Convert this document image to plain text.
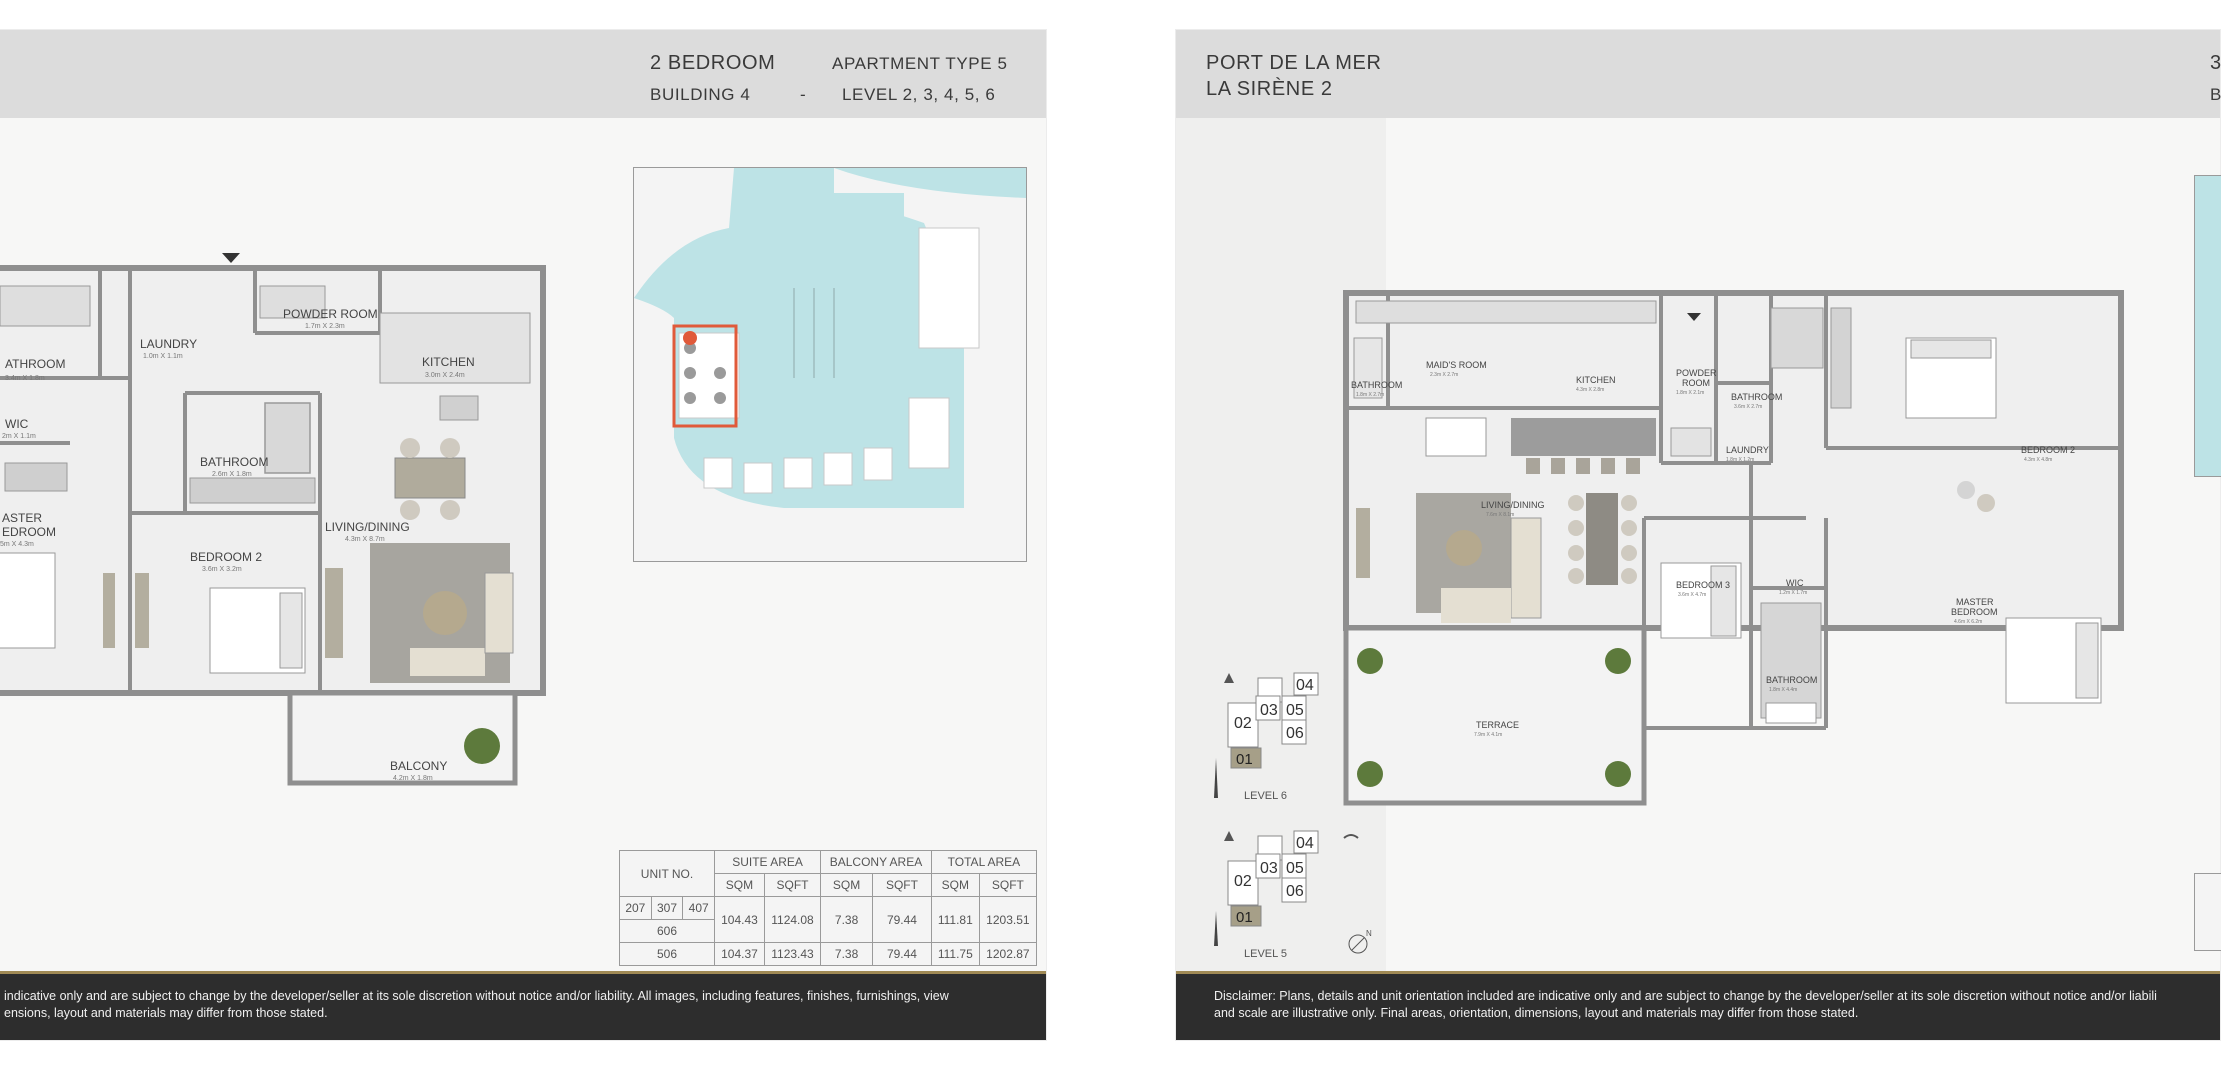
2 BEDROOM	APARTMENT TYPE 5
BUILDING 4	- LEVEL 2, 3, 4, 5, 6
ATHROOM
3.4m X 1.8m
LAUNDRY
1.0m X 1.1m
POWDER ROOM
1.7m X 2.3m
KITCHEN
3.0m X 2.4m
WIC
2m X 1.1m
BATHROOM
2.6m X 1.8m
ASTER
EDROOM
5m X 4.3m
BEDROOM 2
3.6m X 3.2m
LIVING/DINING
4.3m X 8.7m
BALCONY
4.2m X 1.8m
UNIT NO.			SUITE AREA		BALCONY AREA		TOTAL AREA	
			SQM	SQFT	SQM	SQFT	SQM	SQFT
207	307	407	104.43	1124.08	7.38	79.44	111.81	1203.51
606								
506			104.37	1123.43	7.38	79.44	111.75	1202.87
indicative only and are subject to change by the developer/seller at its sole discretion without notice and/or liability. All images, including features, finishes, furnishings, view
ensions, layout and materials may differ from those stated.
PORT DE LA MER
LA SIRÈNE 2
3
B
02
01
03
04
05
06
LEVEL 6
02
01
03
04
05
06
LEVEL 5
N
MAID'S ROOM
2.3m X 2.7m	KITCHEN
4.3m X 2.8m
BATHROOM
1.8m X 2.7m
POWDER
ROOM
1.8m X 2.1m	BATHROOM
3.6m X 2.7m
LAUNDRY
1.8m X 1.2m
BEDROOM 2
4.3m X 4.8m
LIVING/DINING
7.6m X 8.1m
BEDROOM 3
3.6m X 4.7m
WIC
1.2m X 1.7m
MASTER
BEDROOM
4.6m X 6.2m
BATHROOM
1.8m X 4.4m
TERRACE
7.9m X 4.1m
Disclaimer: Plans, details and unit orientation included are indicative only and are subject to change by the developer/seller at its sole discretion without notice and/or liabili
and scale are illustrative only. Final areas, orientation, dimensions, layout and materials may differ from those stated.
